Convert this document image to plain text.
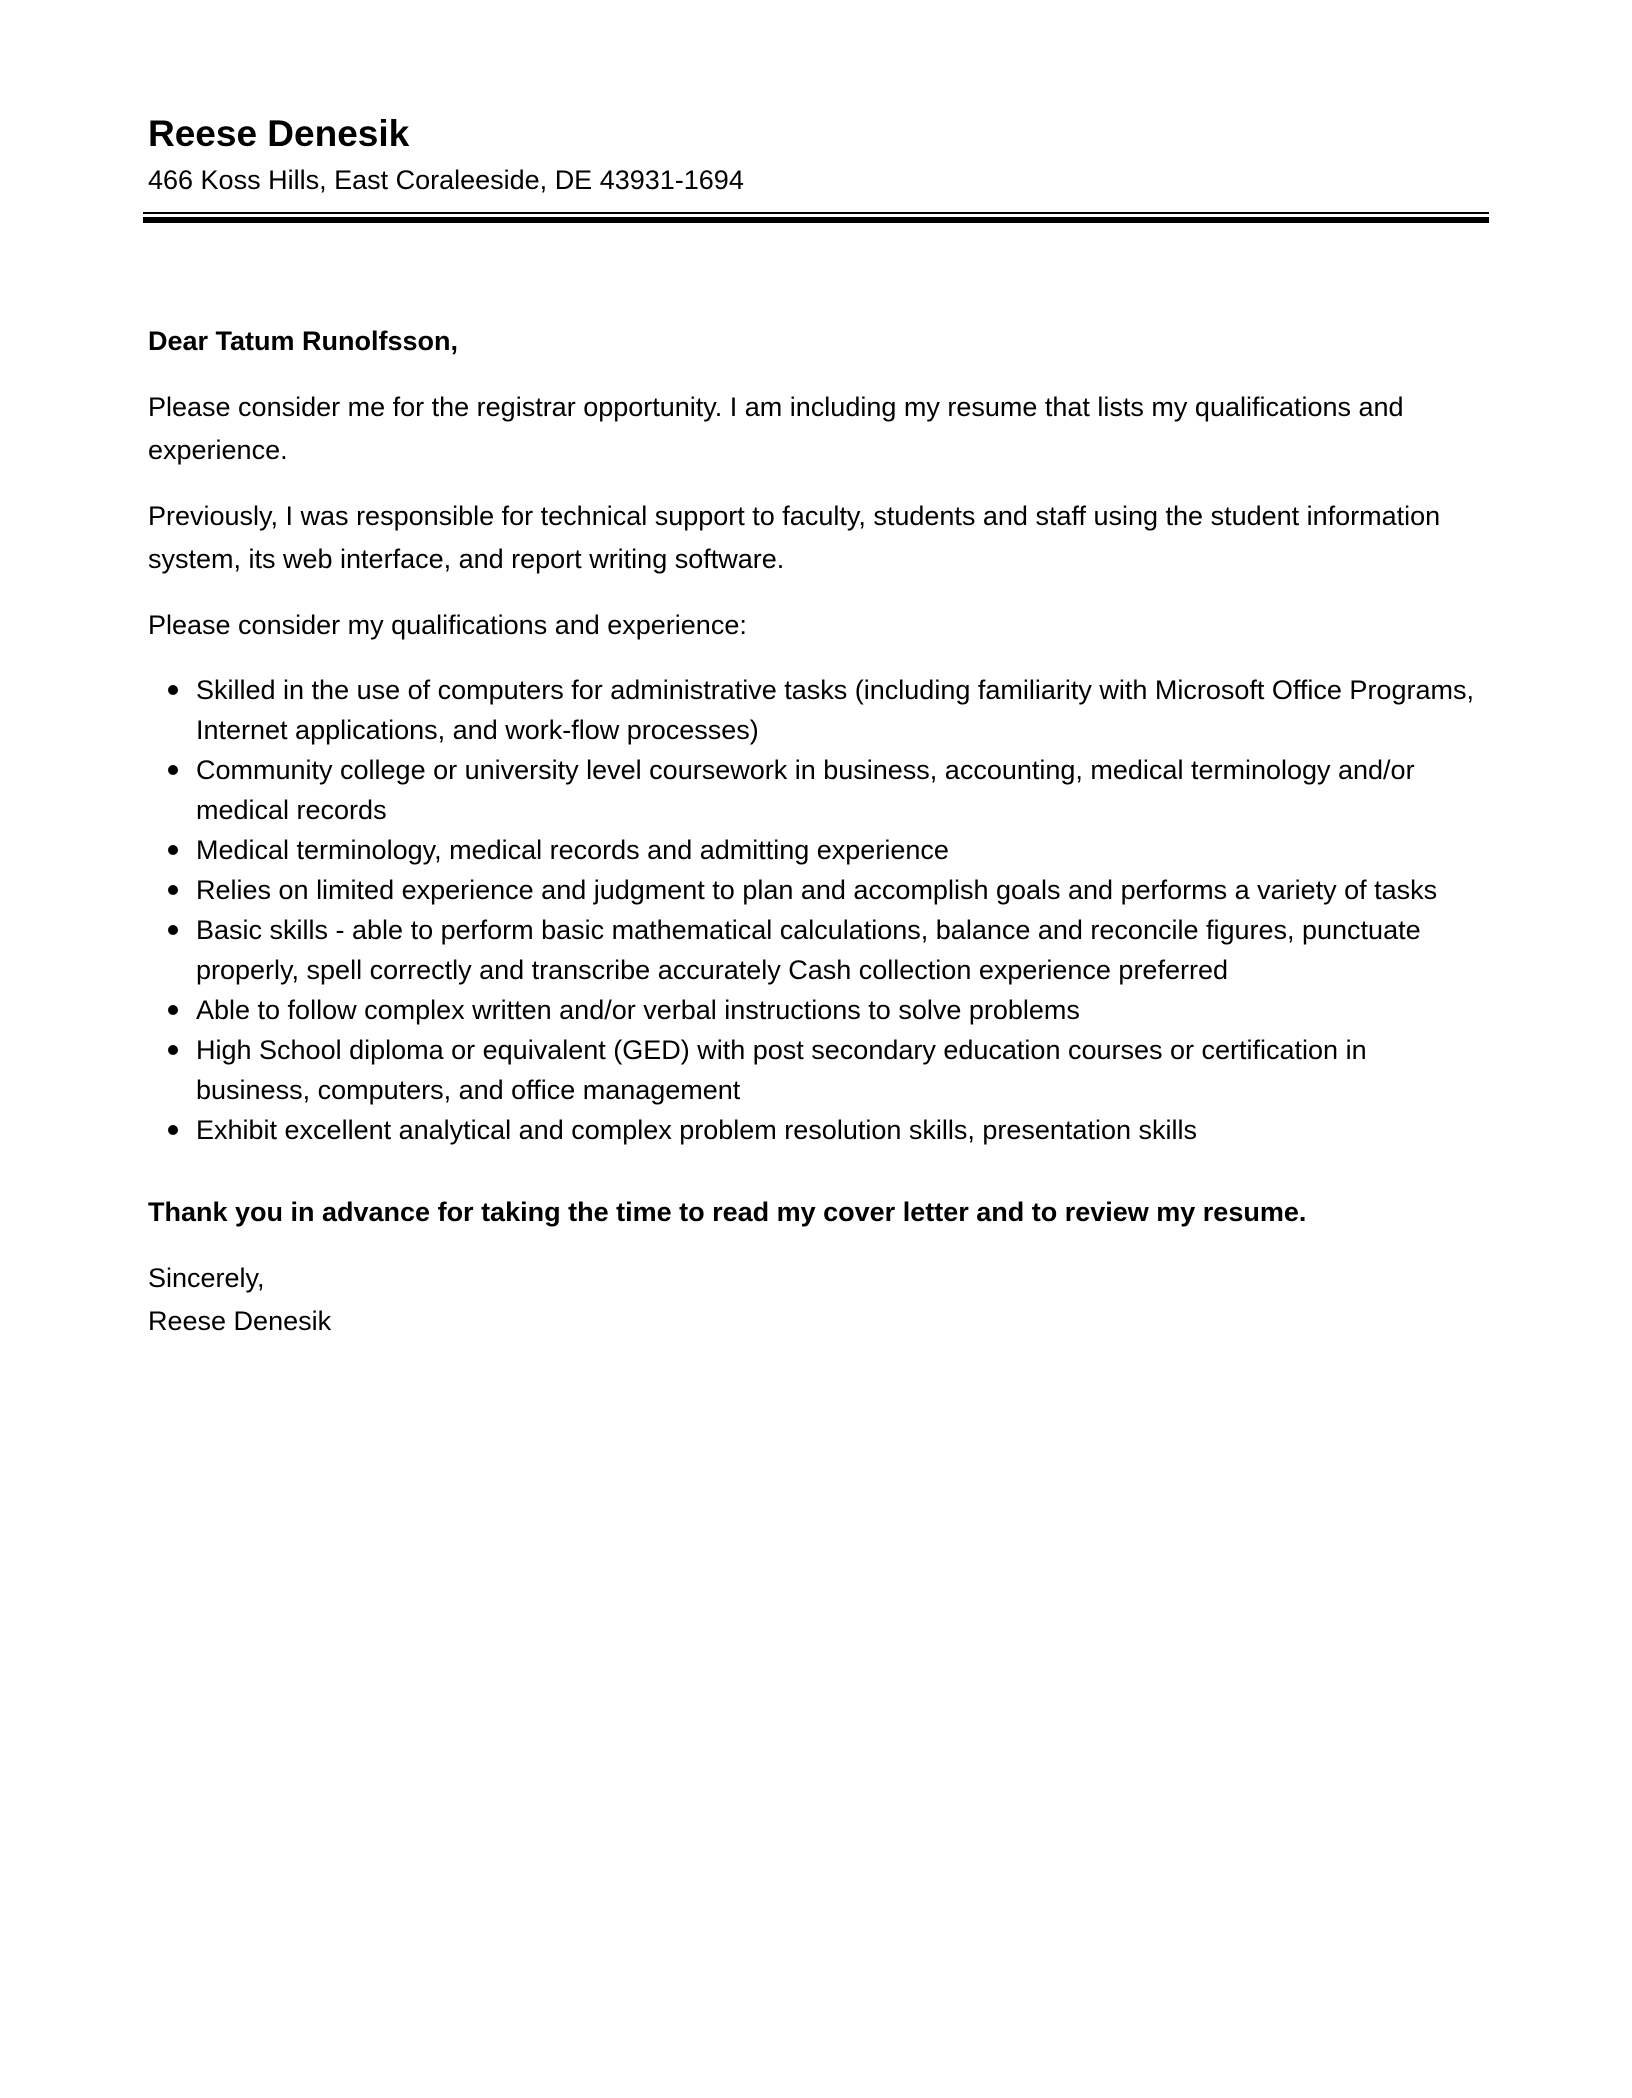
Reese Denesik

466 Koss Hills, East Coraleeside, DE 43931-1694

Dear Tatum Runolfsson,

Please consider me for the registrar opportunity. I am including my resume that lists my qualifications and experience.

Previously, I was responsible for technical support to faculty, students and staff using the student information system, its web interface, and report writing software.

Please consider my qualifications and experience:

Skilled in the use of computers for administrative tasks (including familiarity with Microsoft Office Programs, Internet applications, and work-flow processes)
Community college or university level coursework in business, accounting, medical terminology and/or medical records
Medical terminology, medical records and admitting experience
Relies on limited experience and judgment to plan and accomplish goals and performs a variety of tasks
Basic skills - able to perform basic mathematical calculations, balance and reconcile figures, punctuate properly, spell correctly and transcribe accurately Cash collection experience preferred
Able to follow complex written and/or verbal instructions to solve problems
High School diploma or equivalent (GED) with post secondary education courses or certification in business, computers, and office management
Exhibit excellent analytical and complex problem resolution skills, presentation skills

Thank you in advance for taking the time to read my cover letter and to review my resume.

Sincerely,

Reese Denesik
